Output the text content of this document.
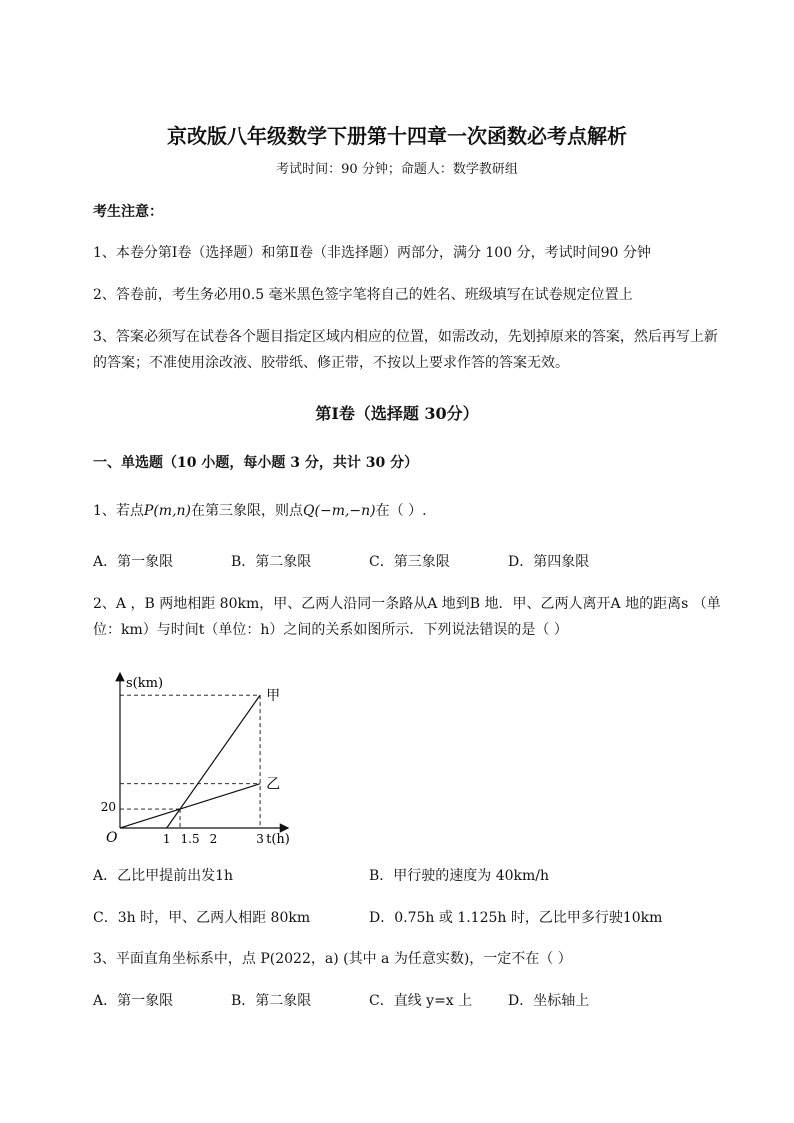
京改版八年级数学下册第十四章一次函数必考点解析
考试时间：90 分钟；命题人：数学教研组
考生注意：
1、本卷分第Ⅰ卷（选择题）和第Ⅱ卷（非选择题）两部分，满分 100 分，考试时间90 分钟
2、答卷前，考生务必用0.5 毫米黑色签字笔将自己的姓名、班级填写在试卷规定位置上
3、答案必须写在试卷各个题目指定区域内相应的位置，如需改动，先划掉原来的答案，然后再写上新
的答案；不准使用涂改液、胶带纸、修正带，不按以上要求作答的答案无效。
第Ⅰ卷（选择题 30分）
一、单选题（10 小题，每小题 3 分，共计 30 分）
1、若点P(m,n)在第三象限，则点Q(−m,−n)在（ ）.
A．第一象限	B．第二象限	C．第三象限	D．第四象限
2、A ，B 两地相距 80km，甲、乙两人沿同一条路从A 地到B 地．甲、乙两人离开A 地的距离s （单
位：km）与时间t（单位：h）之间的关系如图所示．下列说法错误的是（ ）
甲
乙
1 1.5 2	3
20
s(km)
t(h)
O
A．乙比甲提前出发1h	B．甲行驶的速度为 40km/h
C．3h 时，甲、乙两人相距 80km	D．0.75h 或 1.125h 时，乙比甲多行驶10km
3、平面直角坐标系中，点 P(2022，a) (其中 a 为任意实数)，一定不在（ ）
A．第一象限	B．第二象限	C．直线 y=x 上	D．坐标轴上
